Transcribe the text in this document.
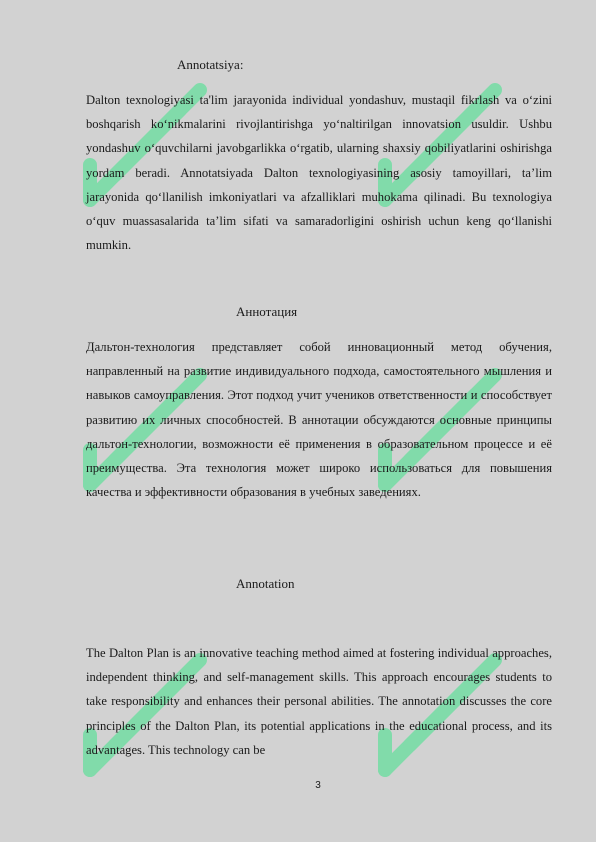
Annotatsiya:

Dalton texnologiyasi ta'lim jarayonida individual yondashuv, mustaqil fikrlash va o‘zini boshqarish ko‘nikmalarini rivojlantirishga yo‘naltirilgan innovatsion usuldir. Ushbu yondashuv o‘quvchilarni javobgarlikka o‘rgatib, ularning shaxsiy qobiliyatlarini oshirishga yordam beradi. Annotatsiyada Dalton texnologiyasining asosiy tamoyillari, ta’lim jarayonida qo‘llanilish imkoniyatlari va afzalliklari muhokama qilinadi. Bu texnologiya o‘quv muassasalarida ta’lim sifati va samaradorligini oshirish uchun keng qo‘llanishi mumkin.

Аннотация

Дальтон-технология представляет собой инновационный метод обучения, направленный на развитие индивидуального подхода, самостоятельного мышления и навыков самоуправления. Этот подход учит учеников ответственности и способствует развитию их личных способностей. В аннотации обсуждаются основные принципы дальтон-технологии, возможности её применения в образовательном процессе и её преимущества. Эта технология может широко использоваться для повышения качества и эффективности образования в учебных заведениях.

Annotation

The Dalton Plan is an innovative teaching method aimed at fostering individual approaches, independent thinking, and self-management skills. This approach encourages students to take responsibility and enhances their personal abilities. The annotation discusses the core principles of the Dalton Plan, its potential applications in the educational process, and its advantages. This technology can be

3
